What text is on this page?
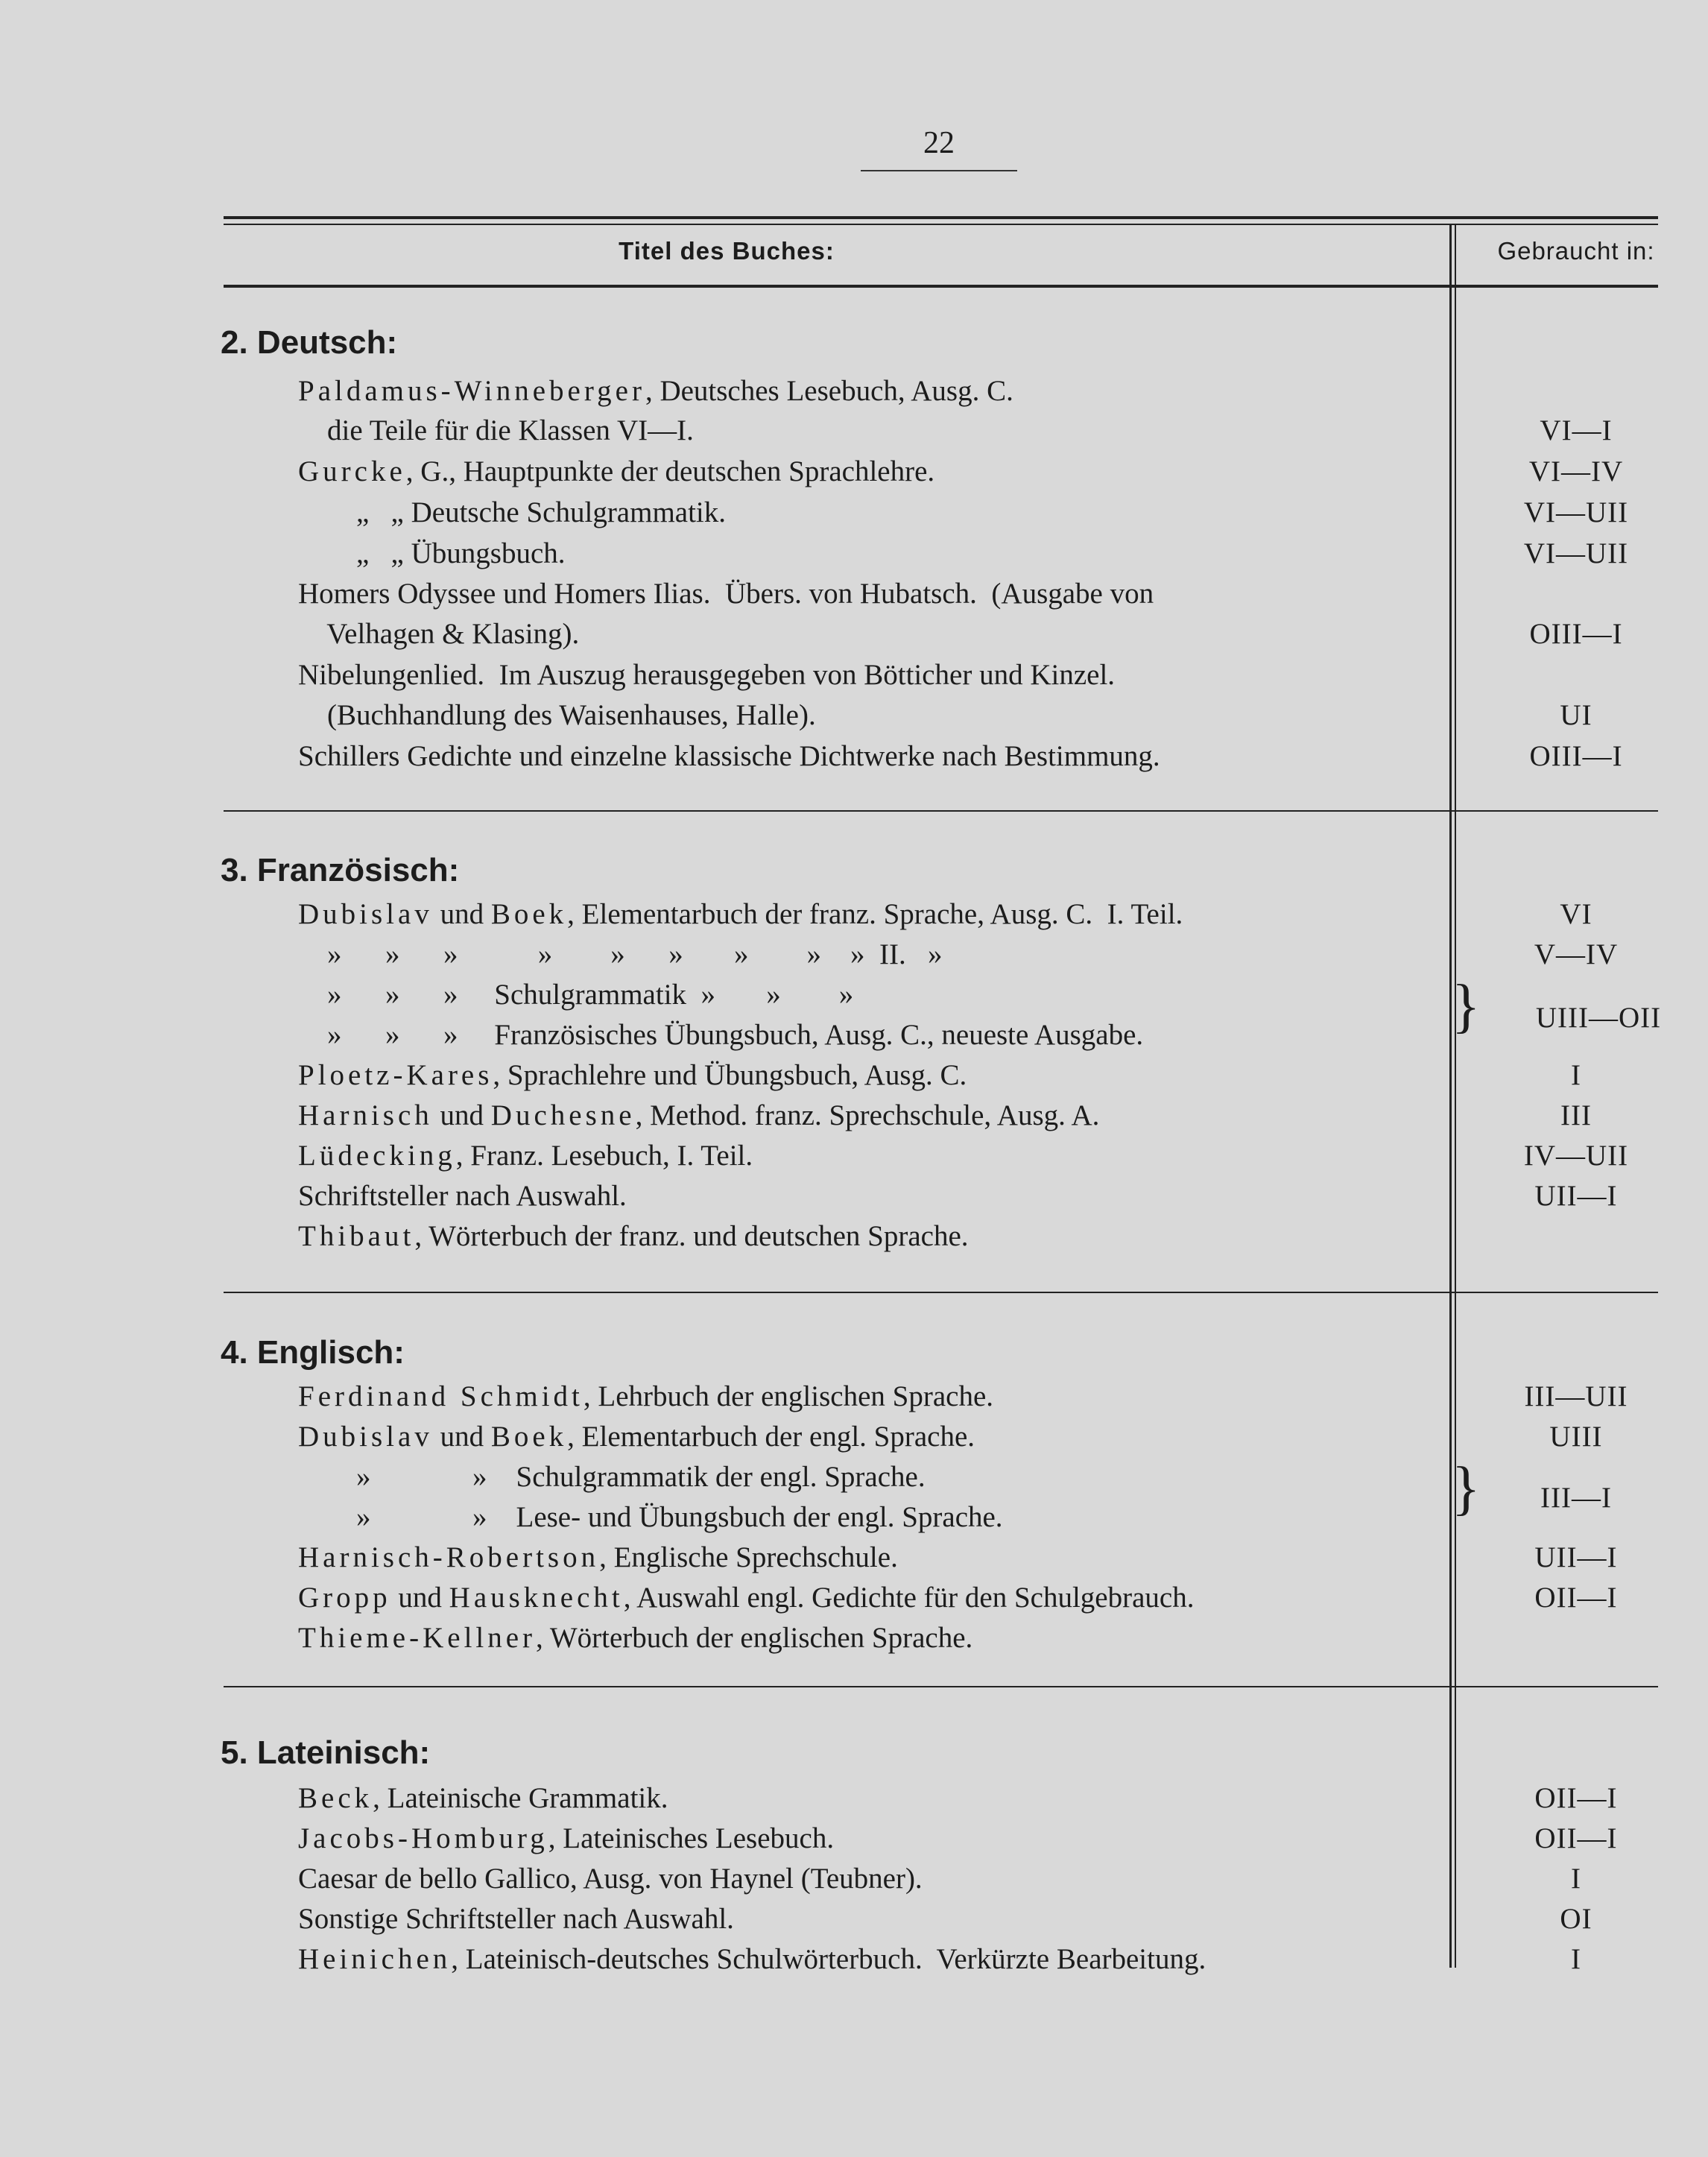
22
Titel des Buches:	Gebraucht in:
2. Deutsch:
Paldamus-Winneberger, Deutsches Lesebuch, Ausg. C.
die Teile für die Klassen VI—I.	VI—I
Gurcke, G., Hauptpunkte der deutschen Sprachlehre.	VI—IV
„   „ Deutsche Schulgrammatik.	VI—UII
„   „ Übungsbuch.	VI—UII
Homers Odyssee und Homers Ilias.  Übers. von Hubatsch.  (Ausgabe von
Velhagen & Klasing).	OIII—I
Nibelungenlied.  Im Auszug herausgegeben von Bötticher und Kinzel.
(Buchhandlung des Waisenhauses, Halle).	UI
Schillers Gedichte und einzelne klassische Dichtwerke nach Bestimmung.	OIII—I
3. Französisch:
Dubislav und Boek, Elementarbuch der franz. Sprache, Ausg. C.  I. Teil.	VI
»      »      »           »        »      »       »        »    »  II.   »	V—IV
»      »      »     Schulgrammatik  »       »        »
»      »      »     Französisches Übungsbuch, Ausg. C., neueste Ausgabe.	}	UIII—OII
Ploetz-Kares, Sprachlehre und Übungsbuch, Ausg. C.	I
Harnisch und Duchesne, Method. franz. Sprechschule, Ausg. A.	III
Lüdecking, Franz. Lesebuch, I. Teil.	IV—UII
Schriftsteller nach Auswahl.	UII—I
Thibaut, Wörterbuch der franz. und deutschen Sprache.
4. Englisch:
Ferdinand Schmidt, Lehrbuch der englischen Sprache.	III—UII
Dubislav und Boek, Elementarbuch der engl. Sprache.	UIII
»              »    Schulgrammatik der engl. Sprache.
»              »    Lese- und Übungsbuch der engl. Sprache.	}	III—I
Harnisch-Robertson, Englische Sprechschule.	UII—I
Gropp und Hausknecht, Auswahl engl. Gedichte für den Schulgebrauch.	OII—I
Thieme-Kellner, Wörterbuch der englischen Sprache.
5. Lateinisch:
Beck, Lateinische Grammatik.	OII—I
Jacobs-Homburg, Lateinisches Lesebuch.	OII—I
Caesar de bello Gallico, Ausg. von Haynel (Teubner).	I
Sonstige Schriftsteller nach Auswahl.	OI
Heinichen, Lateinisch-deutsches Schulwörterbuch.  Verkürzte Bearbeitung.	I
